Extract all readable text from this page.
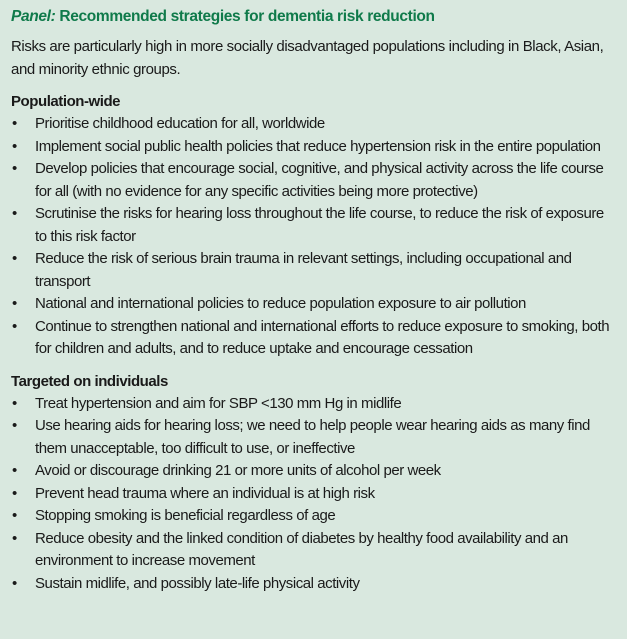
Panel: Recommended strategies for dementia risk reduction

Risks are particularly high in more socially disadvantaged populations including in Black, Asian, and minority ethnic groups.

Population-wide
• Prioritise childhood education for all, worldwide
• Implement social public health policies that reduce hypertension risk in the entire population
• Develop policies that encourage social, cognitive, and physical activity across the life course for all (with no evidence for any specific activities being more protective)
• Scrutinise the risks for hearing loss throughout the life course, to reduce the risk of exposure to this risk factor
• Reduce the risk of serious brain trauma in relevant settings, including occupational and transport
• National and international policies to reduce population exposure to air pollution
• Continue to strengthen national and international efforts to reduce exposure to smoking, both for children and adults, and to reduce uptake and encourage cessation
Targeted on individuals
• Treat hypertension and aim for SBP <130 mm Hg in midlife
• Use hearing aids for hearing loss; we need to help people wear hearing aids as many find them unacceptable, too difficult to use, or ineffective
• Avoid or discourage drinking 21 or more units of alcohol per week
• Prevent head trauma where an individual is at high risk
• Stopping smoking is beneficial regardless of age
• Reduce obesity and the linked condition of diabetes by healthy food availability and an environment to increase movement
• Sustain midlife, and possibly late-life physical activity
